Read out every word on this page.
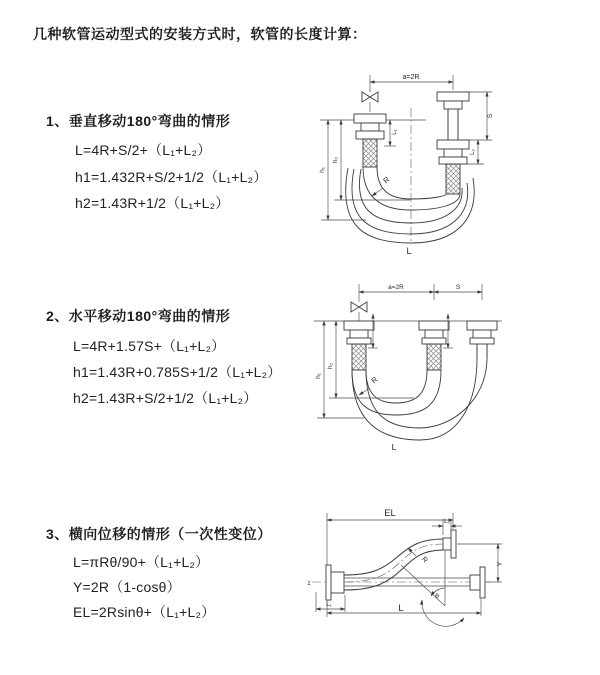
几种软管运动型式的安装方式时，软管的长度计算：
1、垂直移动180°弯曲的情形
L=4R+S/2+（L₁+L₂）
h1=1.432R+S/2+1/2（L₁+L₂）
h2=1.43R+1/2（L₁+L₂）
2、水平移动180°弯曲的情形
L=4R+1.57S+（L₁+L₂）
h1=1.43R+0.785S+1/2（L₁+L₂）
h2=1.43R+S/2+1/2（L₁+L₂）
3、横向位移的情形（一次性变位）
L=πRθ/90+（L₁+L₂）
Y=2R（1-cosθ）
EL=2Rsinθ+（L₁+L₂）
a=2R
L₁
S
L₂
h₁
h₂
R
L
a=2R	S
h₁
h₂
R
L
EL
L₂
z
R
θ
Y
L₁	L
